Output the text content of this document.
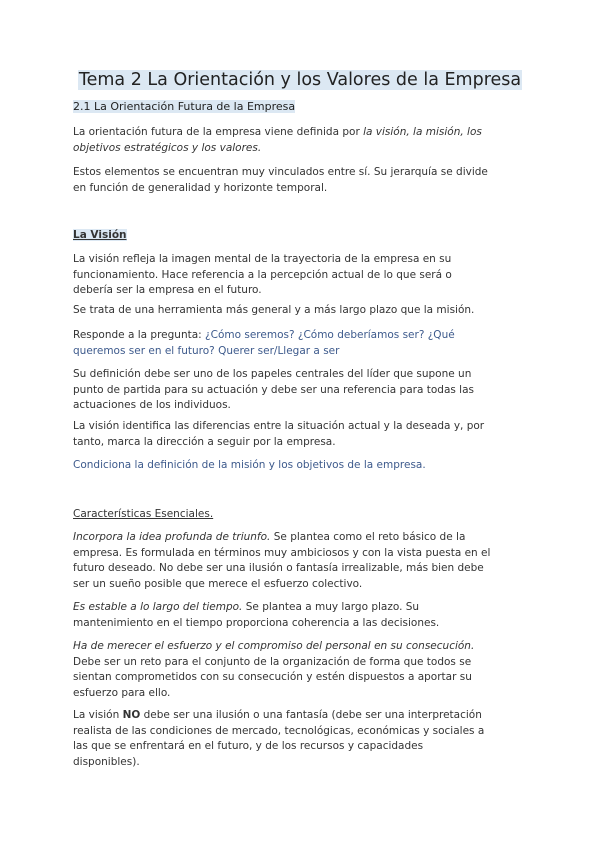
Tema 2 La Orientación y los Valores de la Empresa
2.1 La Orientación Futura de la Empresa

La orientación futura de la empresa viene definida por la visión, la misión, los
objetivos estratégicos y los valores.

Estos elementos se encuentran muy vinculados entre sí. Su jerarquía se divide
en función de generalidad y horizonte temporal.

La Visión

La visión refleja la imagen mental de la trayectoria de la empresa en su
funcionamiento. Hace referencia a la percepción actual de lo que será o
debería ser la empresa en el futuro.

Se trata de una herramienta más general y a más largo plazo que la misión.

Responde a la pregunta: ¿Cómo seremos? ¿Cómo deberíamos ser? ¿Qué
queremos ser en el futuro? Querer ser/Llegar a ser

Su definición debe ser uno de los papeles centrales del líder que supone un
punto de partida para su actuación y debe ser una referencia para todas las
actuaciones de los individuos.

La visión identifica las diferencias entre la situación actual y la deseada y, por
tanto, marca la dirección a seguir por la empresa.

Condiciona la definición de la misión y los objetivos de la empresa.

Características Esenciales.

Incorpora la idea profunda de triunfo. Se plantea como el reto básico de la
empresa. Es formulada en términos muy ambiciosos y con la vista puesta en el
futuro deseado. No debe ser una ilusión o fantasía irrealizable, más bien debe
ser un sueño posible que merece el esfuerzo colectivo.

Es estable a lo largo del tiempo. Se plantea a muy largo plazo. Su
mantenimiento en el tiempo proporciona coherencia a las decisiones.

Ha de merecer el esfuerzo y el compromiso del personal en su consecución.
Debe ser un reto para el conjunto de la organización de forma que todos se
sientan comprometidos con su consecución y estén dispuestos a aportar su
esfuerzo para ello.

La visión NO debe ser una ilusión o una fantasía (debe ser una interpretación
realista de las condiciones de mercado, tecnológicas, económicas y sociales a
las que se enfrentará en el futuro, y de los recursos y capacidades
disponibles).
